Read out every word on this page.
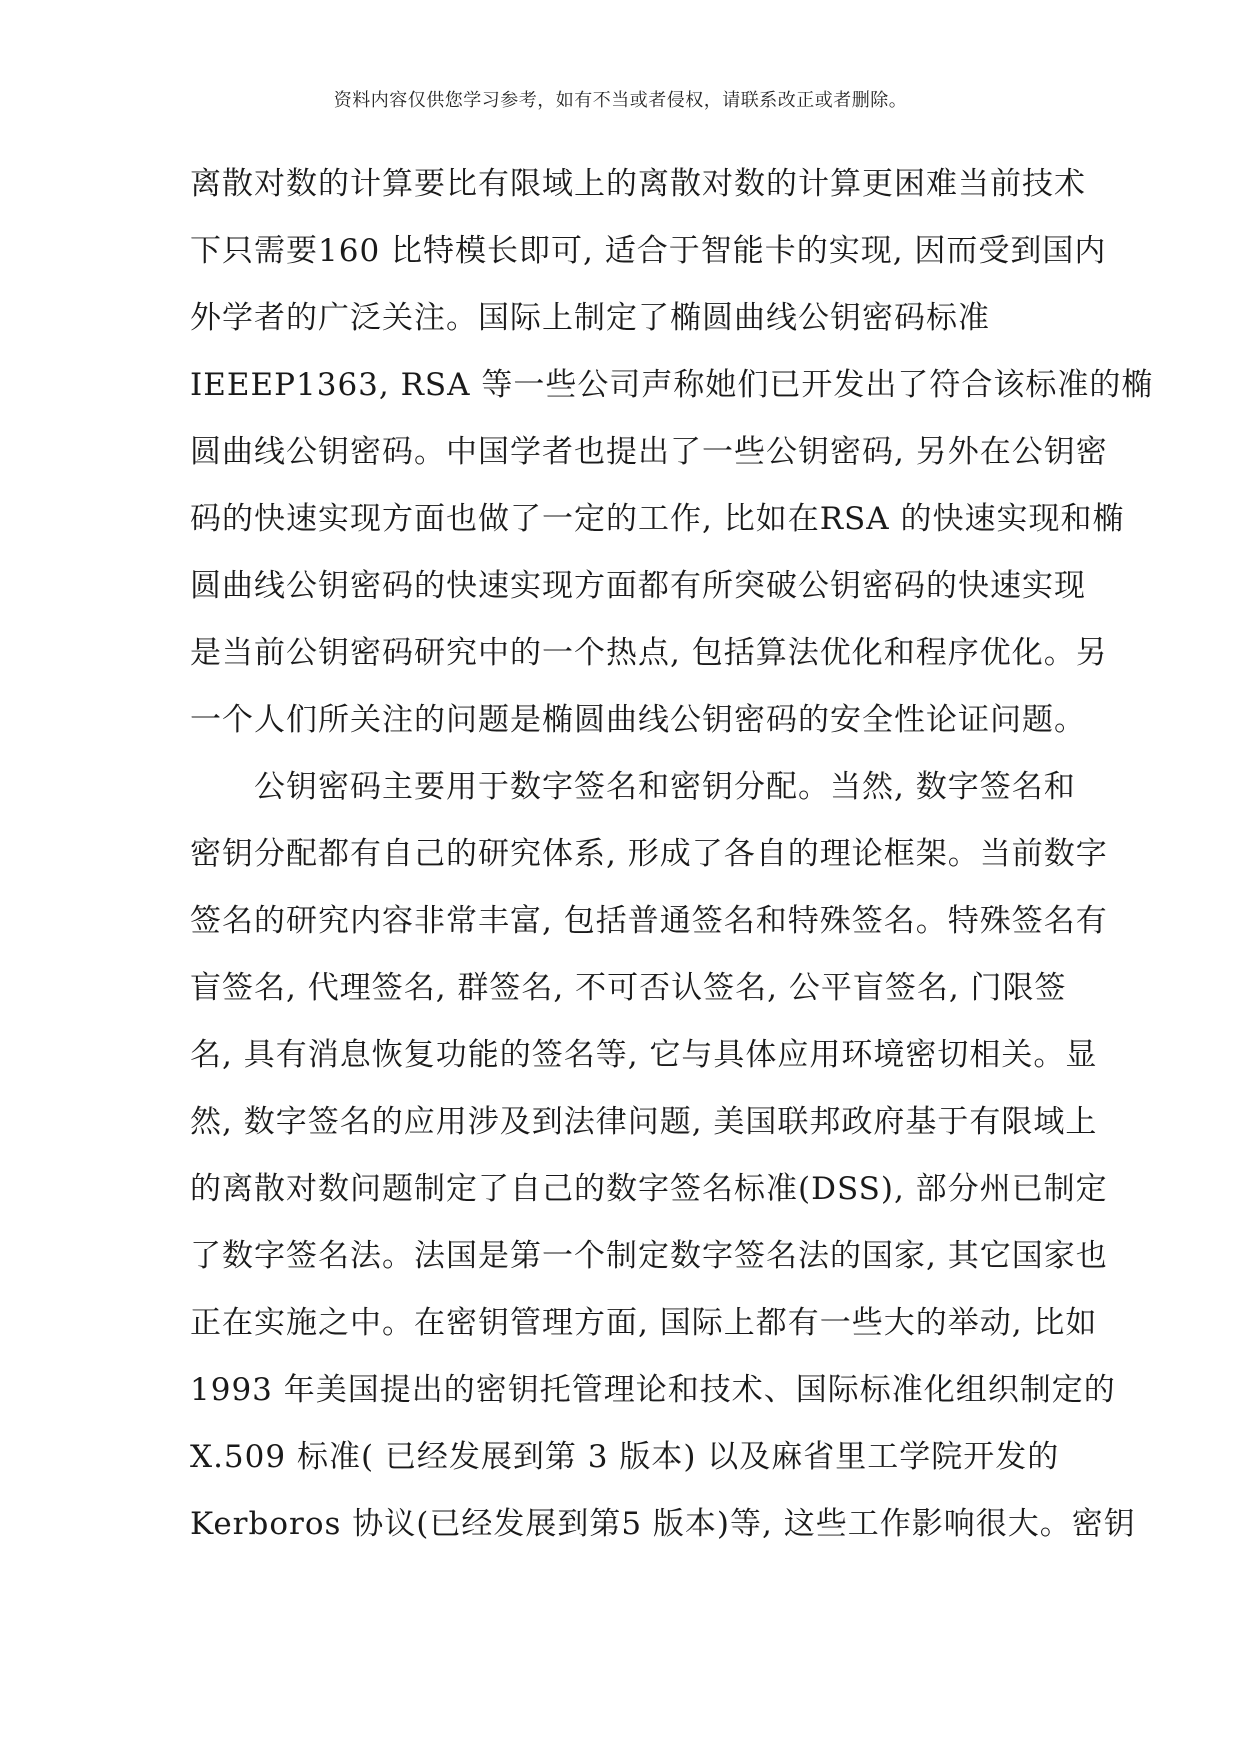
资料内容仅供您学习参考，如有不当或者侵权，请联系改正或者删除。
离散对数的计算要比有限域上的离散对数的计算更困难当前技术
下只需要160 比特模长即可, 适合于智能卡的实现, 因而受到国内
外学者的广泛关注。国际上制定了椭圆曲线公钥密码标准
IEEEP1363, RSA 等一些公司声称她们已开发出了符合该标准的椭
圆曲线公钥密码。中国学者也提出了一些公钥密码, 另外在公钥密
码的快速实现方面也做了一定的工作, 比如在RSA 的快速实现和椭
圆曲线公钥密码的快速实现方面都有所突破公钥密码的快速实现
是当前公钥密码研究中的一个热点, 包括算法优化和程序优化。另
一个人们所关注的问题是椭圆曲线公钥密码的安全性论证问题。
　　公钥密码主要用于数字签名和密钥分配。当然, 数字签名和
密钥分配都有自己的研究体系, 形成了各自的理论框架。当前数字
签名的研究内容非常丰富, 包括普通签名和特殊签名。特殊签名有
盲签名, 代理签名, 群签名, 不可否认签名, 公平盲签名, 门限签
名, 具有消息恢复功能的签名等, 它与具体应用环境密切相关。显
然, 数字签名的应用涉及到法律问题, 美国联邦政府基于有限域上
的离散对数问题制定了自己的数字签名标准(DSS), 部分州已制定
了数字签名法。法国是第一个制定数字签名法的国家, 其它国家也
正在实施之中。在密钥管理方面, 国际上都有一些大的举动, 比如
1993 年美国提出的密钥托管理论和技术、国际标准化组织制定的
X.509 标准( 已经发展到第 3 版本) 以及麻省里工学院开发的
Kerboros 协议(已经发展到第5 版本)等, 这些工作影响很大。密钥
